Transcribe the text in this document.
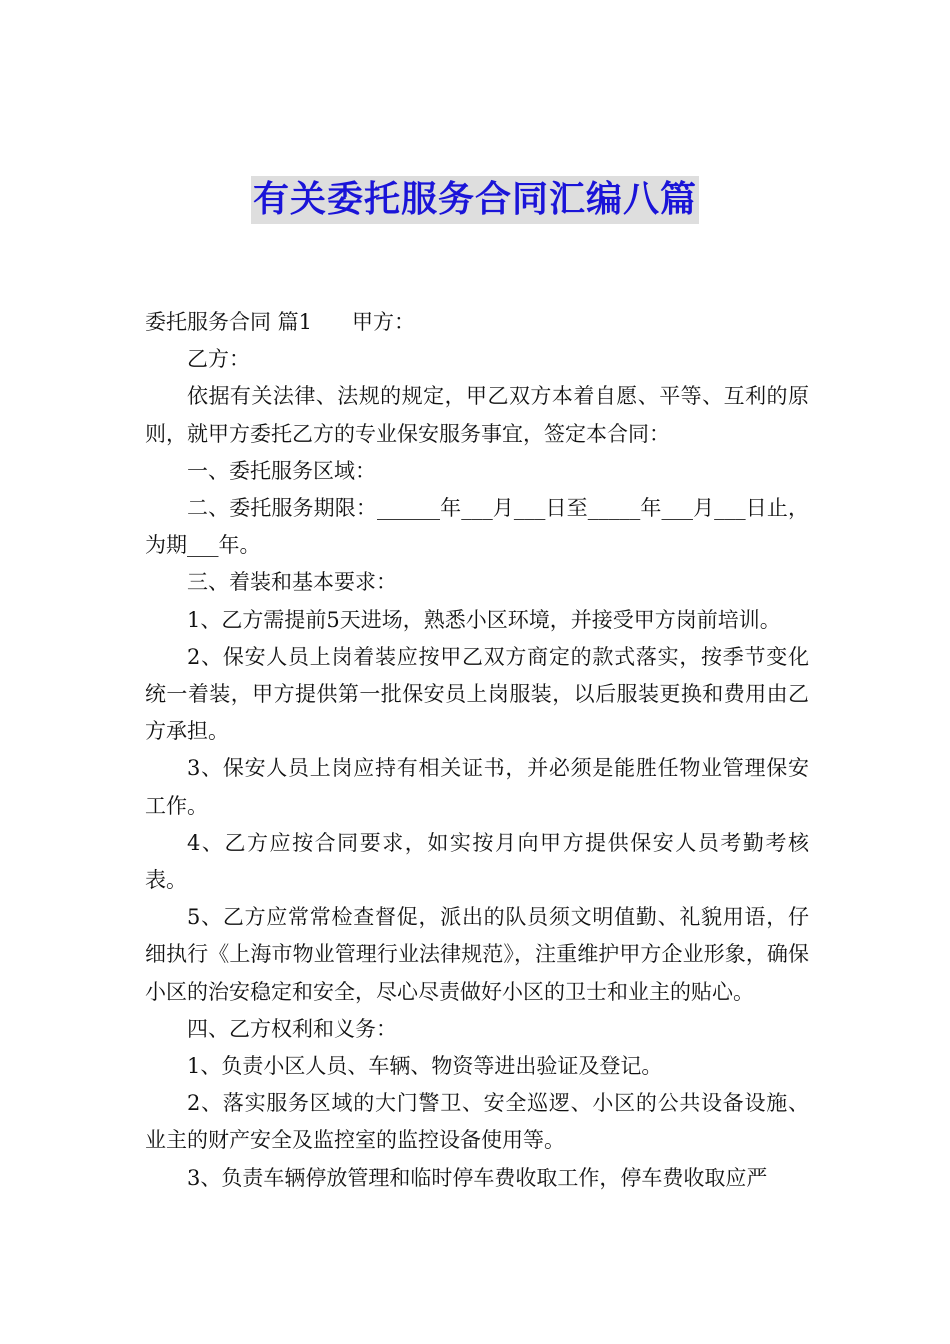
有关委托服务合同汇编八篇

委托服务合同 篇1 甲方：

乙方：

依据有关法律、法规的规定，甲乙双方本着自愿、平等、互利的原则，就甲方委托乙方的专业保安服务事宜，签定本合同：

一、委托服务区域：

二、委托服务期限：______年___月___日至_____年___月___日止，为期___年。

三、着装和基本要求：

1、乙方需提前5天进场，熟悉小区环境，并接受甲方岗前培训。

2、保安人员上岗着装应按甲乙双方商定的款式落实，按季节变化统一着装，甲方提供第一批保安员上岗服装，以后服装更换和费用由乙方承担。

3、保安人员上岗应持有相关证书，并必须是能胜任物业管理保安工作。

4、乙方应按合同要求，如实按月向甲方提供保安人员考勤考核表。

5、乙方应常常检查督促，派出的队员须文明值勤、礼貌用语，仔细执行《上海市物业管理行业法律规范》，注重维护甲方企业形象，确保小区的治安稳定和安全，尽心尽责做好小区的卫士和业主的贴心。

四、乙方权利和义务：

1、负责小区人员、车辆、物资等进出验证及登记。

2、落实服务区域的大门警卫、安全巡逻、小区的公共设备设施、业主的财产安全及监控室的监控设备使用等。

3、负责车辆停放管理和临时停车费收取工作，停车费收取应严
